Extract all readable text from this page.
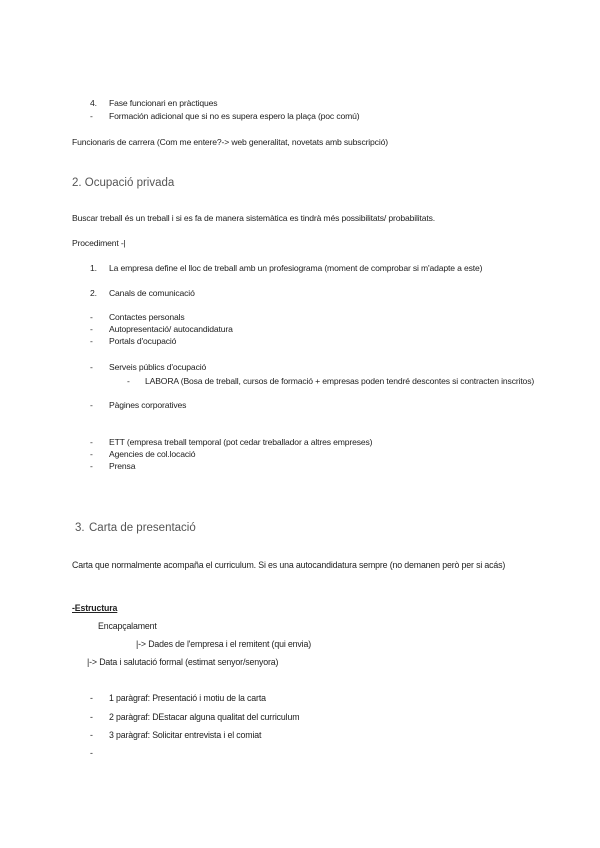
4. Fase funcionari en pràctiques
- Formación adicional que si no es supera espero la plaça (poc comú)
Funcionaris de carrera (Com me entere?-> web generalitat, novetats amb subscripció)
2. Ocupació privada
Buscar treball és un treball i si es fa de manera sistemàtica es tindrà més possibilitats/ probabilitats.
Procediment -|
1. La empresa define el lloc de treball amb un profesiograma (moment de comprobar si m'adapte a este)
2. Canals de comunicació
- Contactes personals
- Autopresentació/ autocandidatura
- Portals d'ocupació
- Serveis públics d'ocupació
- LABORA (Bosa de treball, cursos de formació + empresas poden tendré descontes si contracten inscritos)
- Pàgines corporatives
- ETT (empresa treball temporal (pot cedar treballador a altres empreses)
- Agencies de col.locació
- Prensa
3. Carta de presentació
Carta que normalmente acompaña el curriculum. Si es una autocandidatura sempre (no demanen però per si acás)
-Estructura
Encapçalament
|-> Dades de l'empresa i el remitent (qui envia)
|-> Data i salutació formal (estimat senyor/senyora)
- 1 paràgraf: Presentació i motiu de la carta
- 2 paràgraf: DEstacar alguna qualitat del curriculum
- 3 paràgraf: Solicitar entrevista i el comiat
-
